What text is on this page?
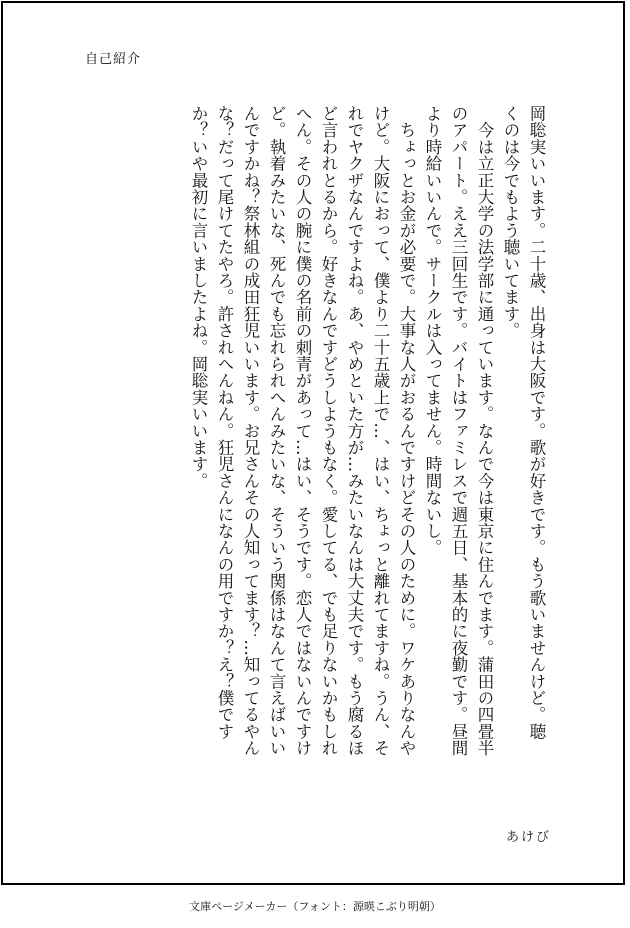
自己紹介

岡聡実いいます。二十歳、出身は大阪です。歌が好きです。もう歌いませんけど。聴
くのは今でもよう聴いてます。

　今は立正大学の法学部に通っています。なんで今は東京に住んでます。蒲田の四畳半
のアパート。ええ三回生です。バイトはファミレスで週五日、基本的に夜勤です。昼間
より時給いいんで。サークルは入ってません。時間ないし。

　ちょっとお金が必要で。大事な人がおるんですけどその人のために。ワケありなんや
けど。大阪におって、僕より二十五歳上で…、はい、ちょっと離れてますね。うん、そ
れでヤクザなんですよね。あ、やめといた方が…みたいなんは大丈夫です。もう腐るほ
ど言われとるから。好きなんですどうしようもなく。愛してる、でも足りないかもしれ
へん。その人の腕に僕の名前の刺青があって…はい、そうです。恋人ではないんですけ
ど。執着みたいな、死んでも忘れられへんみたいな、そういう関係はなんて言えばいい
んですかね？祭林組の成田狂児いいます。お兄さんその人知ってます？…知ってるやん
な？だって尾けてたやろ。許されへんねん。狂児さんになんの用ですか？え？僕です
か？いや最初に言いましたよね。岡聡実いいます。

あけび
文庫ページメーカー（フォント：源暎こぶり明朝）
